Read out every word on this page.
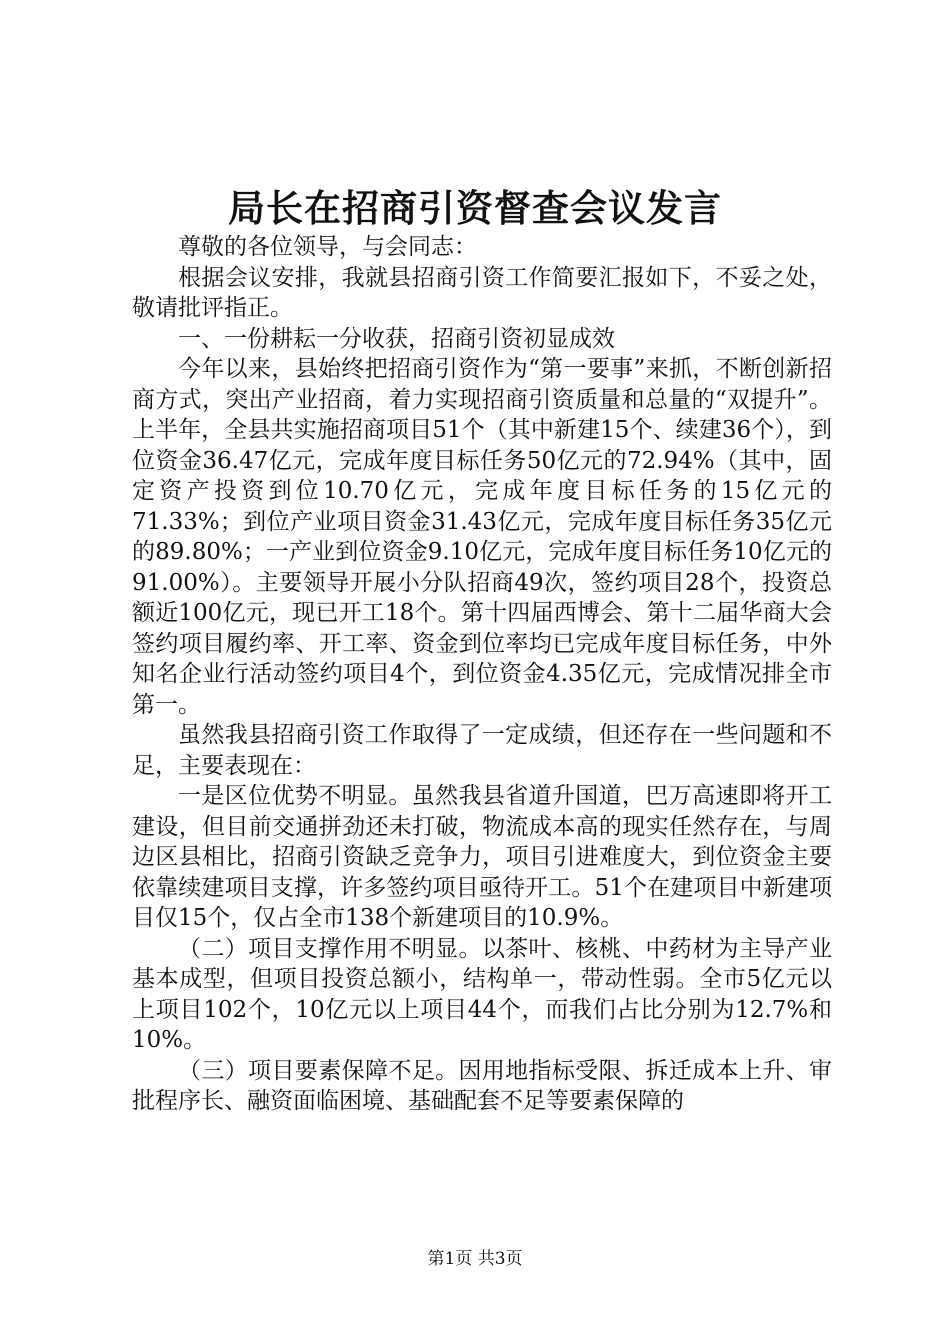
局长在招商引资督查会议发言

尊敬的各位领导，与会同志：

根据会议安排，我就县招商引资工作简要汇报如下，不妥之处，敬请批评指正。

一、一份耕耘一分收获，招商引资初显成效

今年以来，县始终把招商引资作为“第一要事”来抓，不断创新招商方式，突出产业招商，着力实现招商引资质量和总量的“双提升”。上半年，全县共实施招商项目51个（其中新建15个、续建36个），到位资金36.47亿元，完成年度目标任务50亿元的72.94%（其中，固定资产投资到位10.70亿元，完成年度目标任务的15亿元的71.33%；到位产业项目资金31.43亿元，完成年度目标任务35亿元的89.80%；一产业到位资金9.10亿元，完成年度目标任务10亿元的91.00%）。主要领导开展小分队招商49次，签约项目28个，投资总额近100亿元，现已开工18个。第十四届西博会、第十二届华商大会签约项目履约率、开工率、资金到位率均已完成年度目标任务，中外知名企业行活动签约项目4个，到位资金4.35亿元，完成情况排全市第一。

虽然我县招商引资工作取得了一定成绩，但还存在一些问题和不足，主要表现在：

一是区位优势不明显。虽然我县省道升国道，巴万高速即将开工建设，但目前交通拼劲还未打破，物流成本高的现实任然存在，与周边区县相比，招商引资缺乏竞争力，项目引进难度大，到位资金主要依靠续建项目支撑，许多签约项目亟待开工。51个在建项目中新建项目仅15个，仅占全市138个新建项目的10.9%。

（二）项目支撑作用不明显。以茶叶、核桃、中药材为主导产业基本成型，但项目投资总额小，结构单一，带动性弱。全市5亿元以上项目102个，10亿元以上项目44个，而我们占比分别为12.7%和10%。

（三）项目要素保障不足。因用地指标受限、拆迁成本上升、审批程序长、融资面临困境、基础配套不足等要素保障的

第1页 共3页
